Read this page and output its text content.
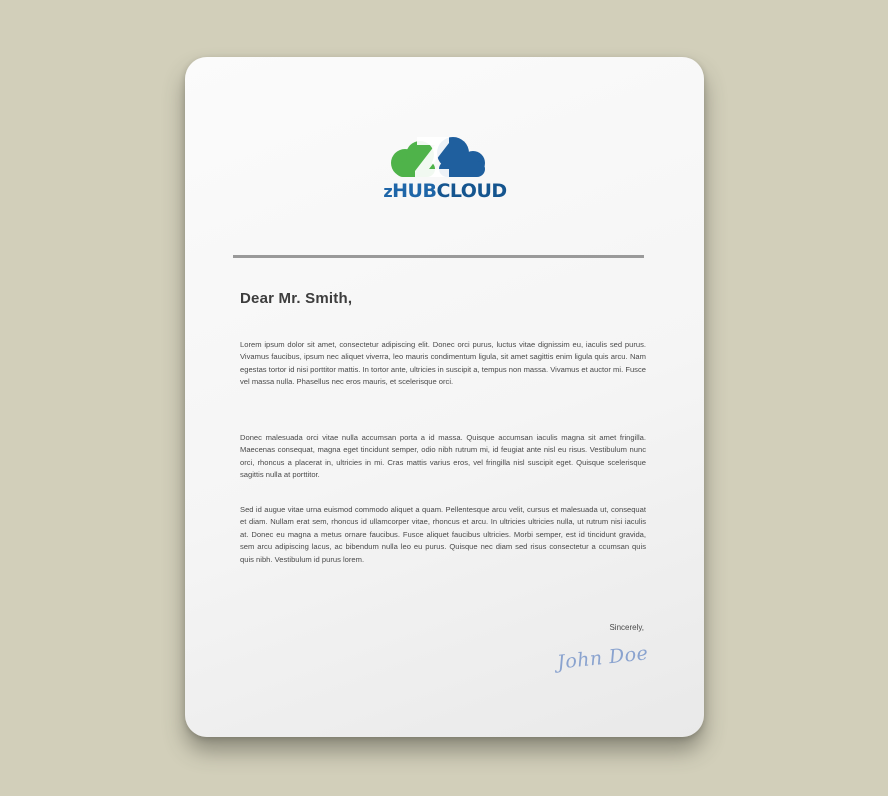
zHUBCLOUD
Dear Mr. Smith,

Lorem ipsum dolor sit amet, consectetur adipiscing elit. Donec orci purus, luctus vitae dignissim eu, iaculis sed purus. Vivamus faucibus, ipsum nec aliquet viverra, leo mauris condimentum ligula, sit amet sagittis enim ligula quis arcu. Nam egestas tortor id nisi porttitor mattis. In tortor ante, ultricies in suscipit a, tempus non massa. Vivamus et auctor mi. Fusce vel massa nulla. Phasellus nec eros mauris, et scelerisque orci.

Donec malesuada orci vitae nulla accumsan porta a id massa. Quisque accumsan iaculis magna sit amet fringilla. Maecenas consequat, magna eget tincidunt semper, odio nibh rutrum mi, id feugiat ante nisl eu risus. Vestibulum nunc orci, rhoncus a placerat in, ultricies in mi. Cras mattis varius eros, vel fringilla nisl suscipit eget. Quisque scelerisque sagittis nulla at porttitor.

Sed id augue vitae urna euismod commodo aliquet a quam. Pellentesque arcu velit, cursus et malesuada ut, consequat et diam. Nullam erat sem, rhoncus id ullamcorper vitae, rhoncus et arcu. In ultricies ultricies nulla, ut rutrum nisi iaculis at. Donec eu magna a metus ornare faucibus. Fusce aliquet faucibus ultricies. Morbi semper, est id tincidunt gravida, sem arcu adipiscing lacus, ac bibendum nulla leo eu purus. Quisque nec diam sed risus consectetur a ccumsan quis quis nibh. Vestibulum id purus lorem.

Sincerely,
John Doe
